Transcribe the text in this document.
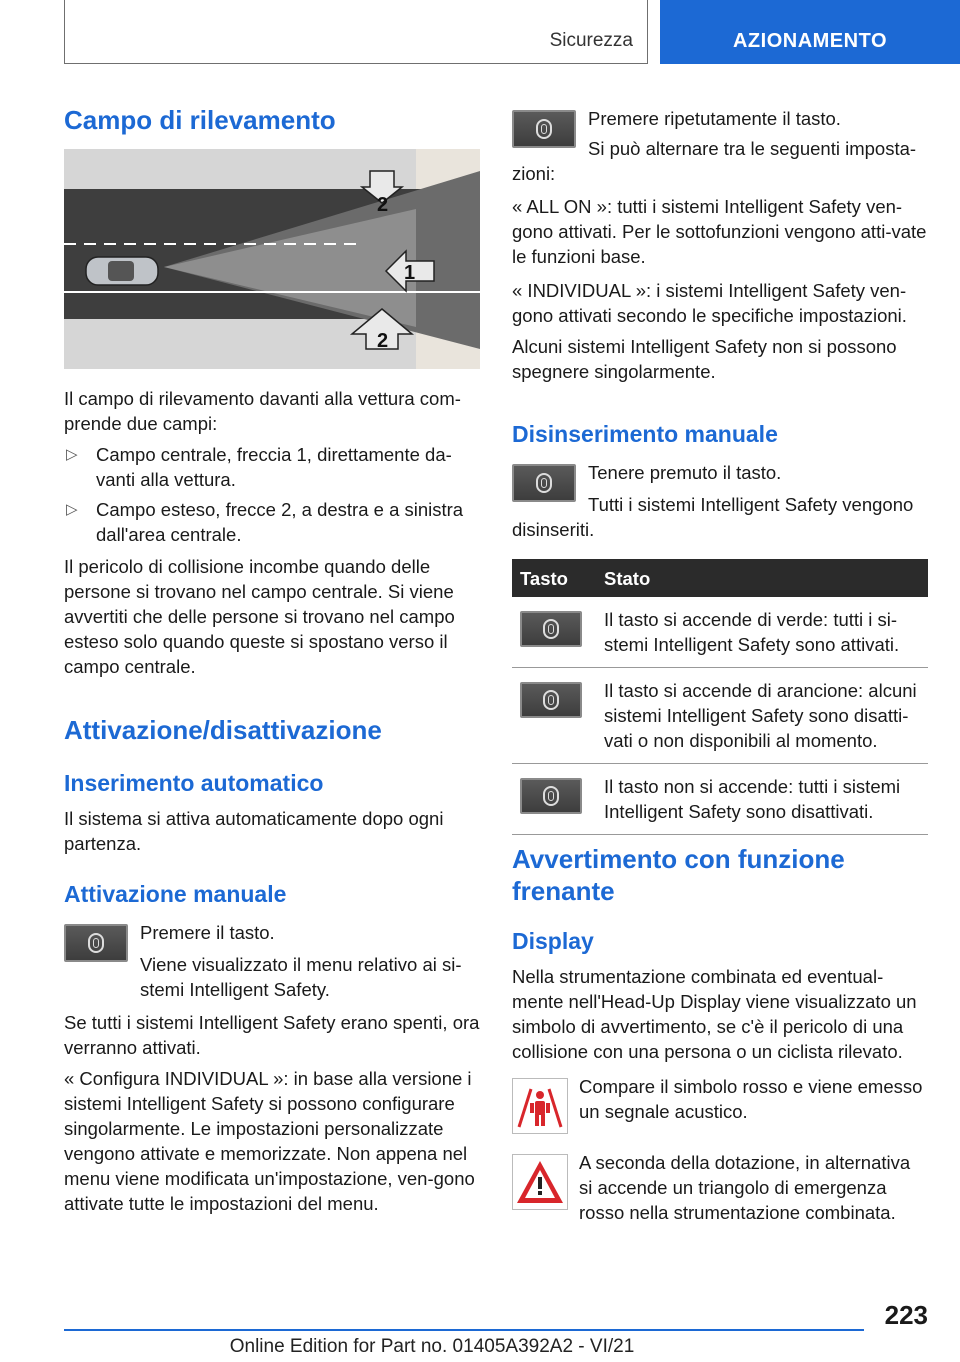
Sicurezza	AZIONAMENTO
Campo di rilevamento
2
1
2

Il campo di rilevamento davanti alla vettura com-prende due campi:

▷ Campo centrale, freccia 1, direttamente da-vanti alla vettura.
▷ Campo esteso, frecce 2, a destra e a sinistra dall'area centrale.

Il pericolo di collisione incombe quando delle persone si trovano nel campo centrale. Si viene avvertiti che delle persone si trovano nel campo esteso solo quando queste si spostano verso il campo centrale.

Attivazione/disattivazione
Inserimento automatico

Il sistema si attiva automaticamente dopo ogni partenza.

Attivazione manuale

Premere il tasto.

Viene visualizzato il menu relativo ai si-stemi Intelligent Safety.

Se tutti i sistemi Intelligent Safety erano spenti, ora verranno attivati.

« Configura INDIVIDUAL »: in base alla versione i sistemi Intelligent Safety si possono configurare singolarmente. Le impostazioni personalizzate vengono attivate e memorizzate. Non appena nel menu viene modificata un'impostazione, ven-gono attivate tutte le impostazioni del menu.

Premere ripetutamente il tasto.

Si può alternare tra le seguenti imposta-zioni:

« ALL ON »: tutti i sistemi Intelligent Safety ven-gono attivati. Per le sottofunzioni vengono atti-vate le funzioni base.

« INDIVIDUAL »: i sistemi Intelligent Safety ven-gono attivati secondo le specifiche impostazioni.

Alcuni sistemi Intelligent Safety non si possono spegnere singolarmente.

Disinserimento manuale

Tenere premuto il tasto.

Tutti i sistemi Intelligent Safety vengono disinseriti.

Tasto	Stato

	Il tasto si accende di verde: tutti i si-stemi Intelligent Safety sono attivati.

	Il tasto si accende di arancione: alcuni sistemi Intelligent Safety sono disatti-vati o non disponibili al momento.

	Il tasto non si accende: tutti i sistemi Intelligent Safety sono disattivati.
Avvertimento con funzione frenante
Display

Nella strumentazione combinata ed eventual-mente nell'Head-Up Display viene visualizzato un simbolo di avvertimento, se c'è il pericolo di una collisione con una persona o un ciclista rilevato.

Compare il simbolo rosso e viene emesso un segnale acustico.

A seconda della dotazione, in alternativa si accende un triangolo di emergenza rosso nella strumentazione combinata.

223
Online Edition for Part no. 01405A392A2 - VI/21
